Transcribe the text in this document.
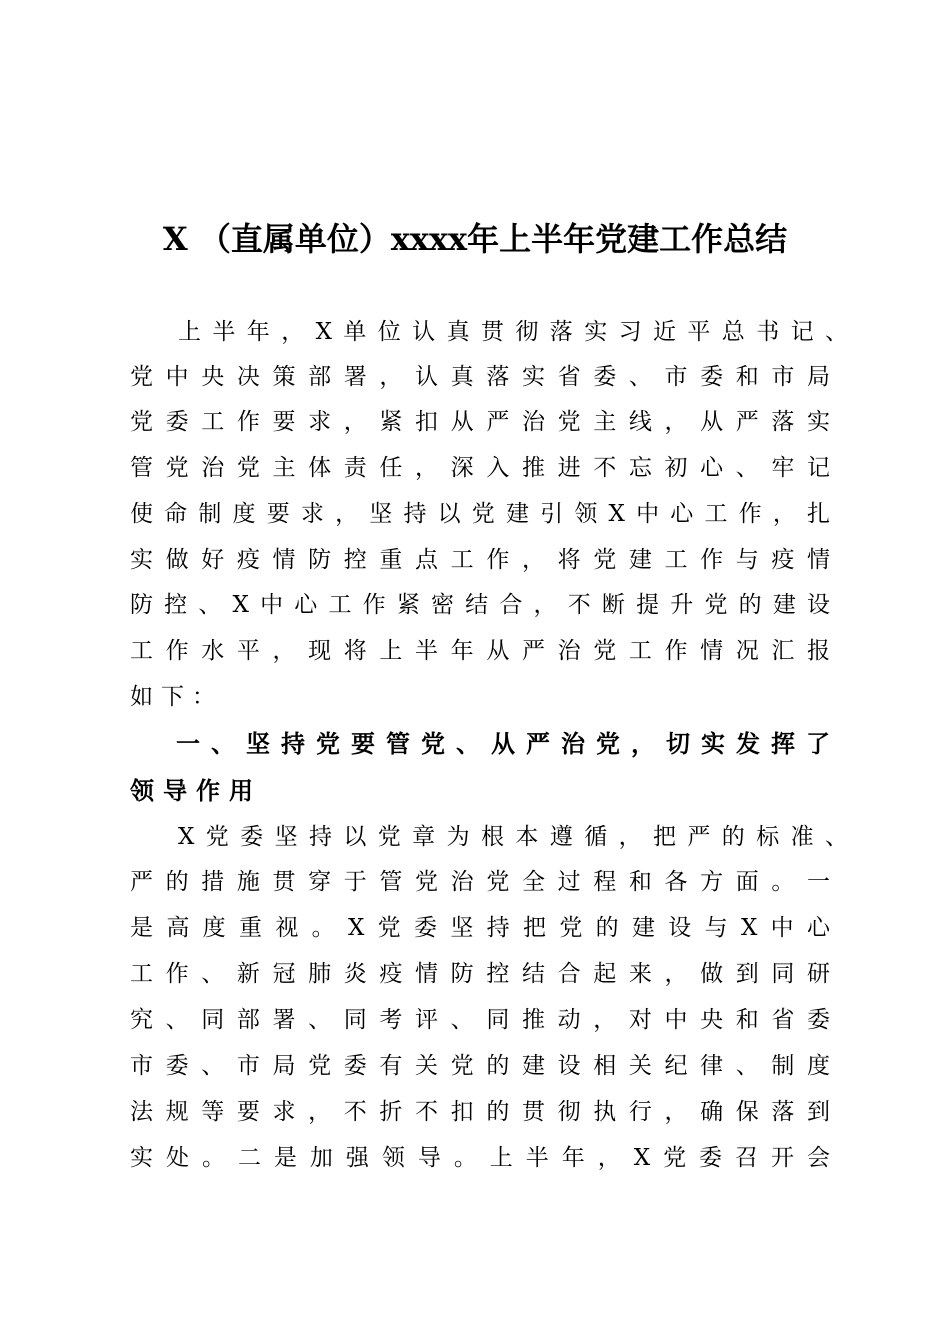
X （直属单位）xxxx年上半年党建工作总结

上半年，X单位认真贯彻落实习近平总书记、

党中央决策部署，认真落实省委、市委和市局

党委工作要求，紧扣从严治党主线，从严落实

管党治党主体责任，深入推进不忘初心、牢记

使命制度要求，坚持以党建引领X中心工作，扎

实做好疫情防控重点工作，将党建工作与疫情

防控、X中心工作紧密结合，不断提升党的建设

工作水平，现将上半年从严治党工作情况汇报

如下：

一、坚持党要管党、从严治党，切实发挥了

领导作用

X党委坚持以党章为根本遵循，把严的标准、

严的措施贯穿于管党治党全过程和各方面。一

是高度重视。X党委坚持把党的建设与X中心

工作、新冠肺炎疫情防控结合起来，做到同研

究、同部署、同考评、同推动，对中央和省委

市委、市局党委有关党的建设相关纪律、制度

法规等要求，不折不扣的贯彻执行，确保落到

实处。二是加强领导。上半年，X党委召开会
